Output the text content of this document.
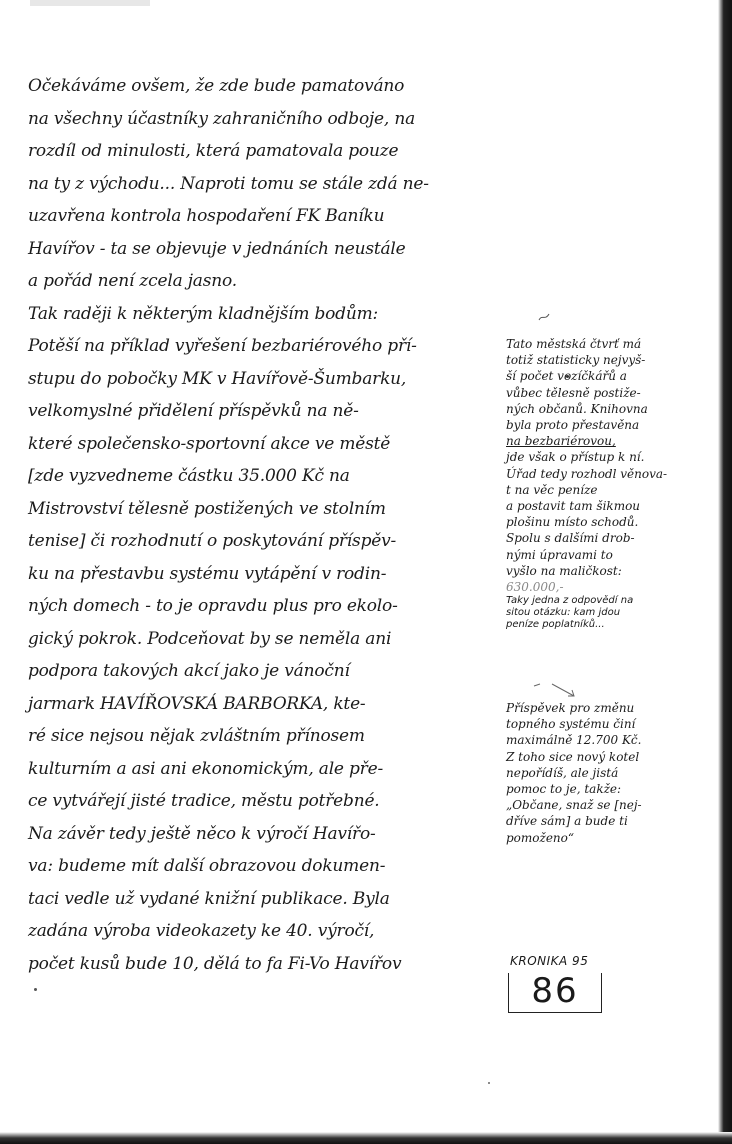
Očekáváme ovšem, že zde bude pamatováno
na všechny účastníky zahraničního odboje, na
rozdíl od minulosti, která pamatovala pouze
na ty z východu... Naproti tomu se stále zdá ne-
uzavřena kontrola hospodaření FK Baníku
Havířov - ta se objevuje v jednáních neustále
a pořád není zcela jasno.
Tak raději k některým kladnějším bodům:
Potěší na příklad vyřešení bezbariérového pří-
stupu do pobočky MK v Havířově-Šumbarku,
velkomyslné přidělení příspěvků na ně-
které společensko-sportovní akce ve městě
[zde vyzvedneme částku 35.000 Kč na
Mistrovství tělesně postižených ve stolním
tenise] či rozhodnutí o poskytování příspěv-
ku na přestavbu systému vytápění v rodin-
ných domech - to je opravdu plus pro ekolo-
gický pokrok. Podceňovat by se neměla ani
podpora takových akcí jako je vánoční
jarmark HAVÍŘOVSKÁ BARBORKA, kte-
ré sice nejsou nějak zvláštním přínosem
kulturním a asi ani ekonomickým, ale pře-
ce vytvářejí jisté tradice, městu potřebné.
Na závěr tedy ještě něco k výročí Havířo-
va: budeme mít další obrazovou dokumen-
taci vedle už vydané knižní publikace. Byla
zadána výroba videokazety ke 40. výročí,
počet kusů bude 10, dělá to fa Fi-Vo Havířov
Tato městská čtvrť má
totiž statisticky nejvyš-
ší počet vozíčkářů a
vůbec tělesně postiže-
ných občanů. Knihovna
byla proto přestavěna
na bezbariérovou,
jde však o přístup k ní.
Úřad tedy rozhodl věnova-
t na věc peníze
a postavit tam šikmou
plošinu místo schodů.
Spolu s dalšími drob-
nými úpravami to
vyšlo na maličkost:
630.000,-
Taky jedna z odpovědí na
sitou otázku: kam jdou
peníze poplatníků...
Příspěvek pro změnu
topného systému činí
maximálně 12.700 Kč.
Z toho sice nový kotel
nepořídíš, ale jistá
pomoc to je, takže:
„Občane, snaž se [nej-
dříve sám] a bude ti
pomoženo“
KRONIKA 95
86
